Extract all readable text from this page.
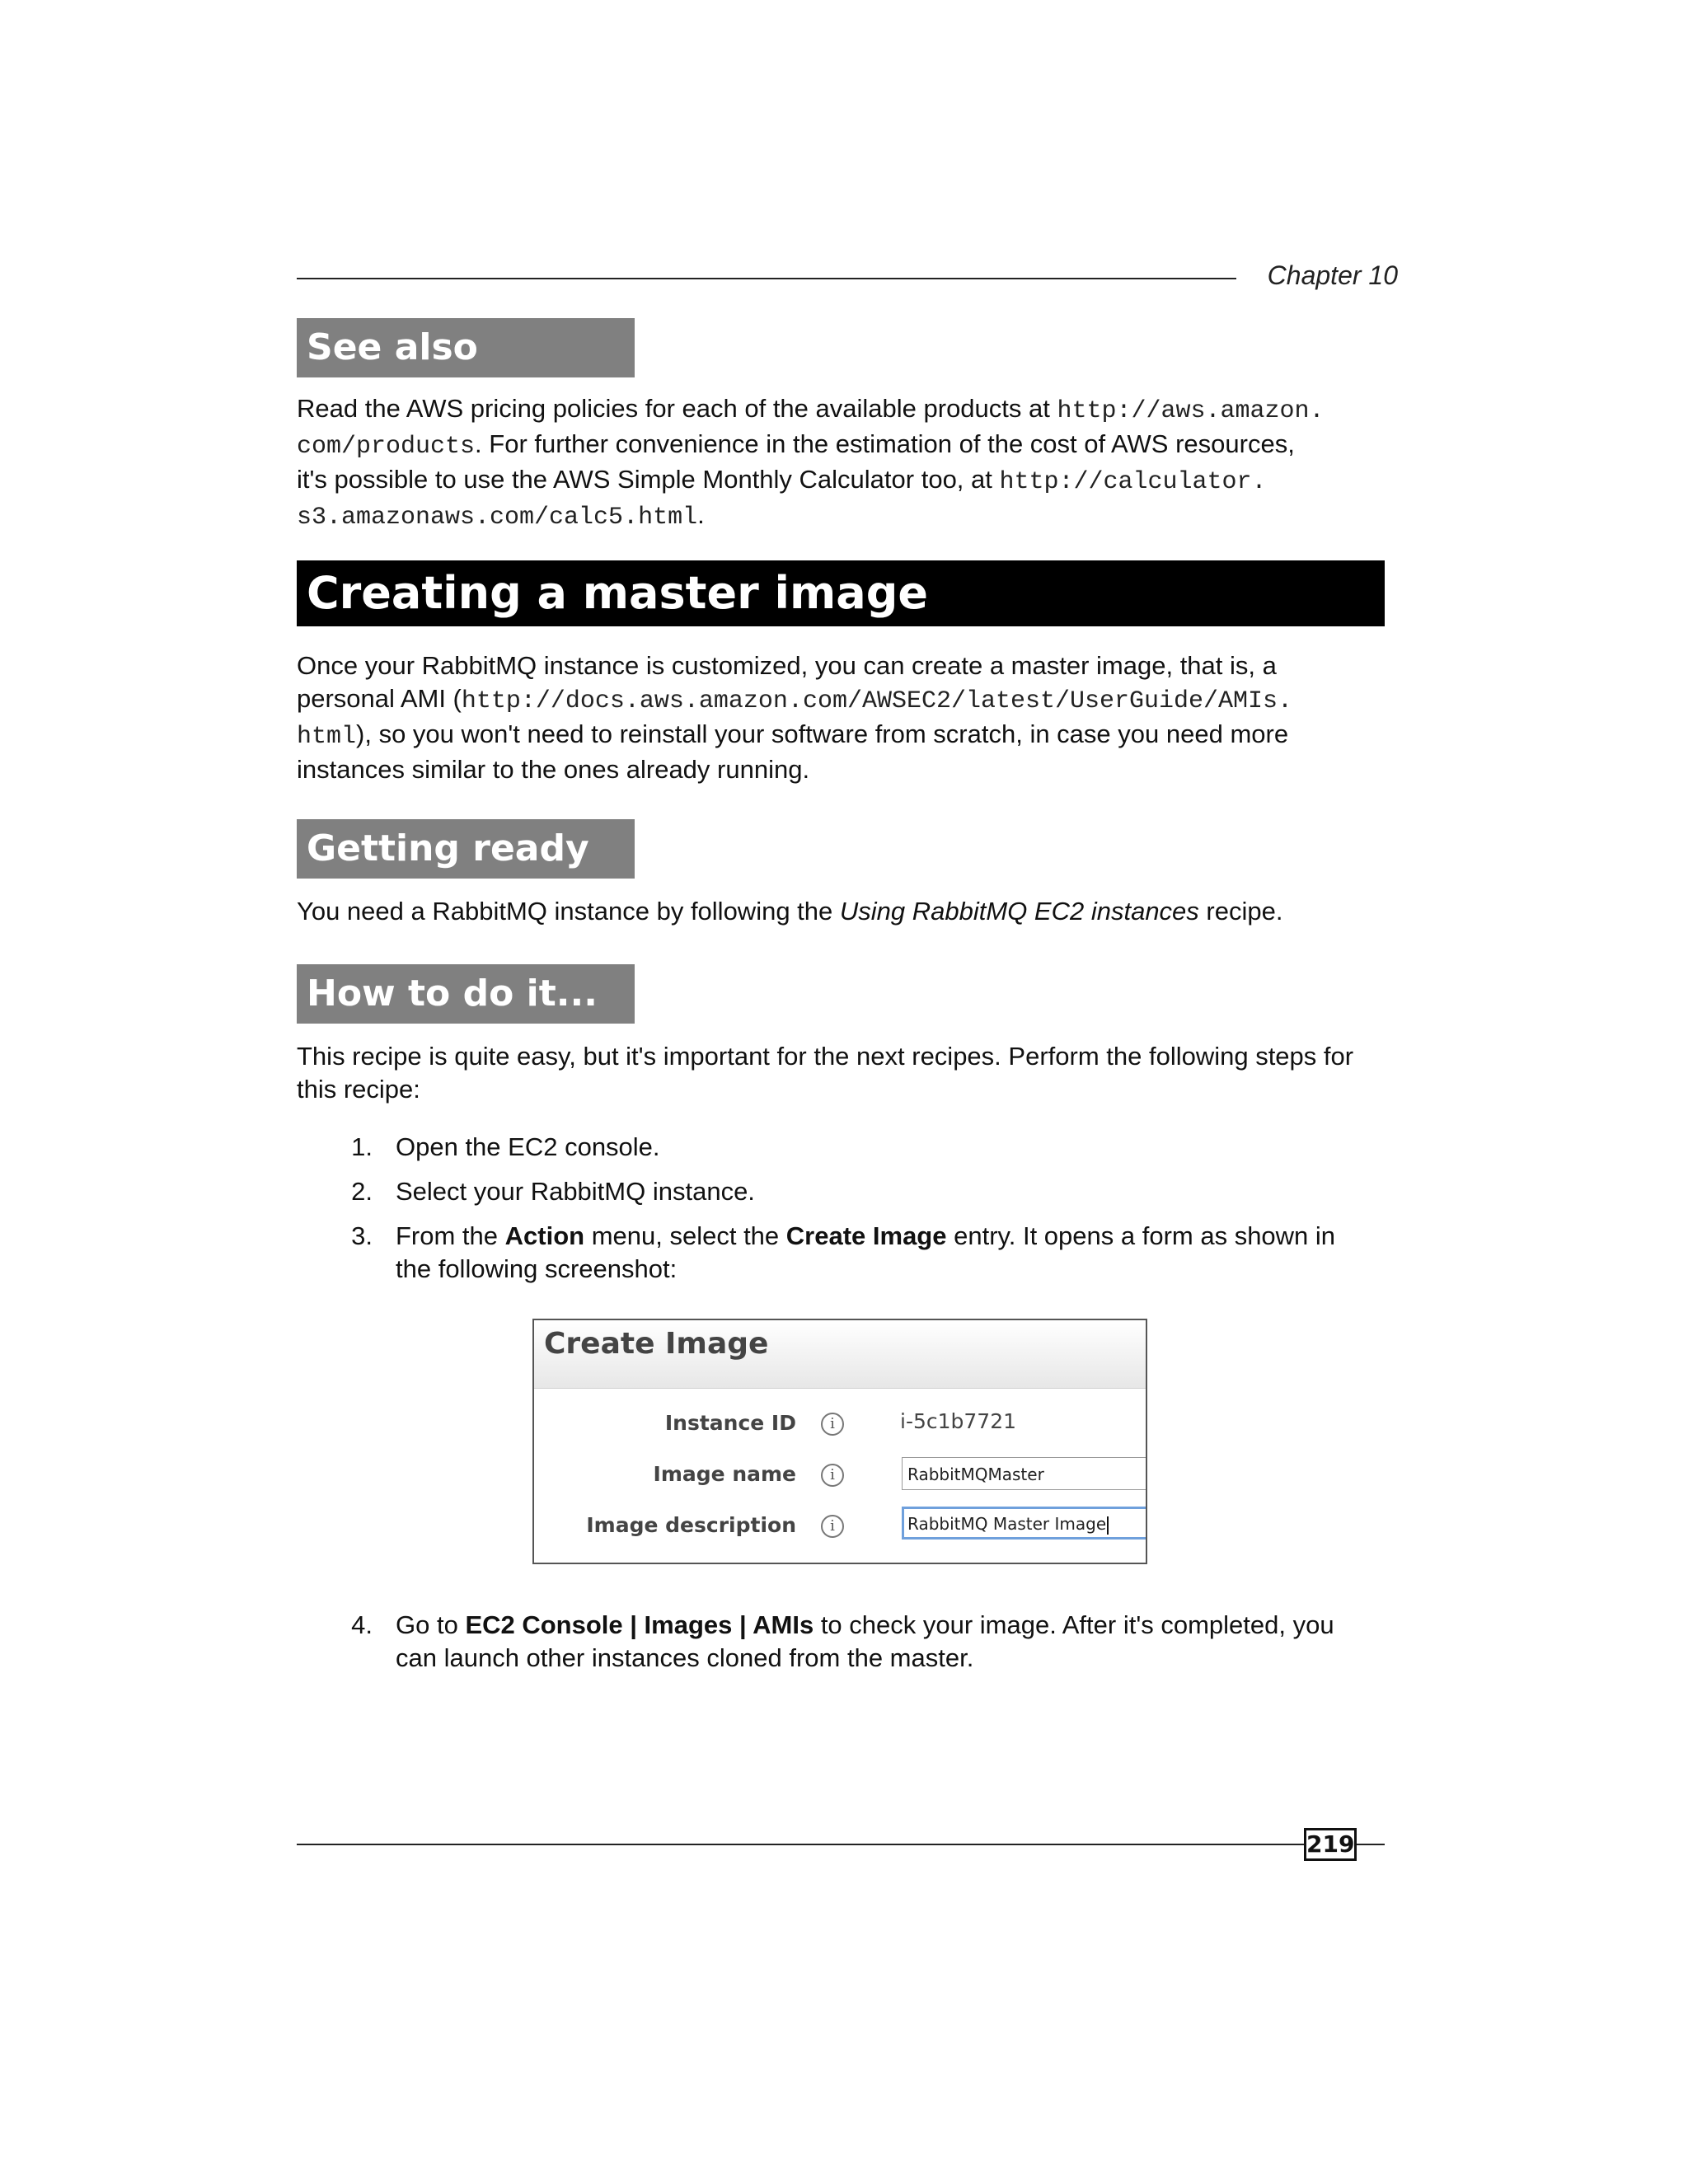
Chapter 10
See also

Read the AWS pricing policies for each of the available products at http://aws.amazon.
com/products. For further convenience in the estimation of the cost of AWS resources,
it's possible to use the AWS Simple Monthly Calculator too, at http://calculator.
s3.amazonaws.com/calc5.html.

Creating a master image

Once your RabbitMQ instance is customized, you can create a master image, that is, a
personal AMI (http://docs.aws.amazon.com/AWSEC2/latest/UserGuide/AMIs.
html), so you won't need to reinstall your software from scratch, in case you need more
instances similar to the ones already running.

Getting ready

You need a RabbitMQ instance by following the Using RabbitMQ EC2 instances recipe.

How to do it...

This recipe is quite easy, but it's important for the next recipes. Perform the following steps for
this recipe:

1. Open the EC2 console.
2. Select your RabbitMQ instance.
3. From the Action menu, select the Create Image entry. It opens a form as shown in
the following screenshot:
Create Image
Instance ID	i	i-5c1b7721
Image name	i	RabbitMQMaster
Image description	i	RabbitMQ Master Image
4. Go to EC2 Console | Images | AMIs to check your image. After it's completed, you
can launch other instances cloned from the master.
219
